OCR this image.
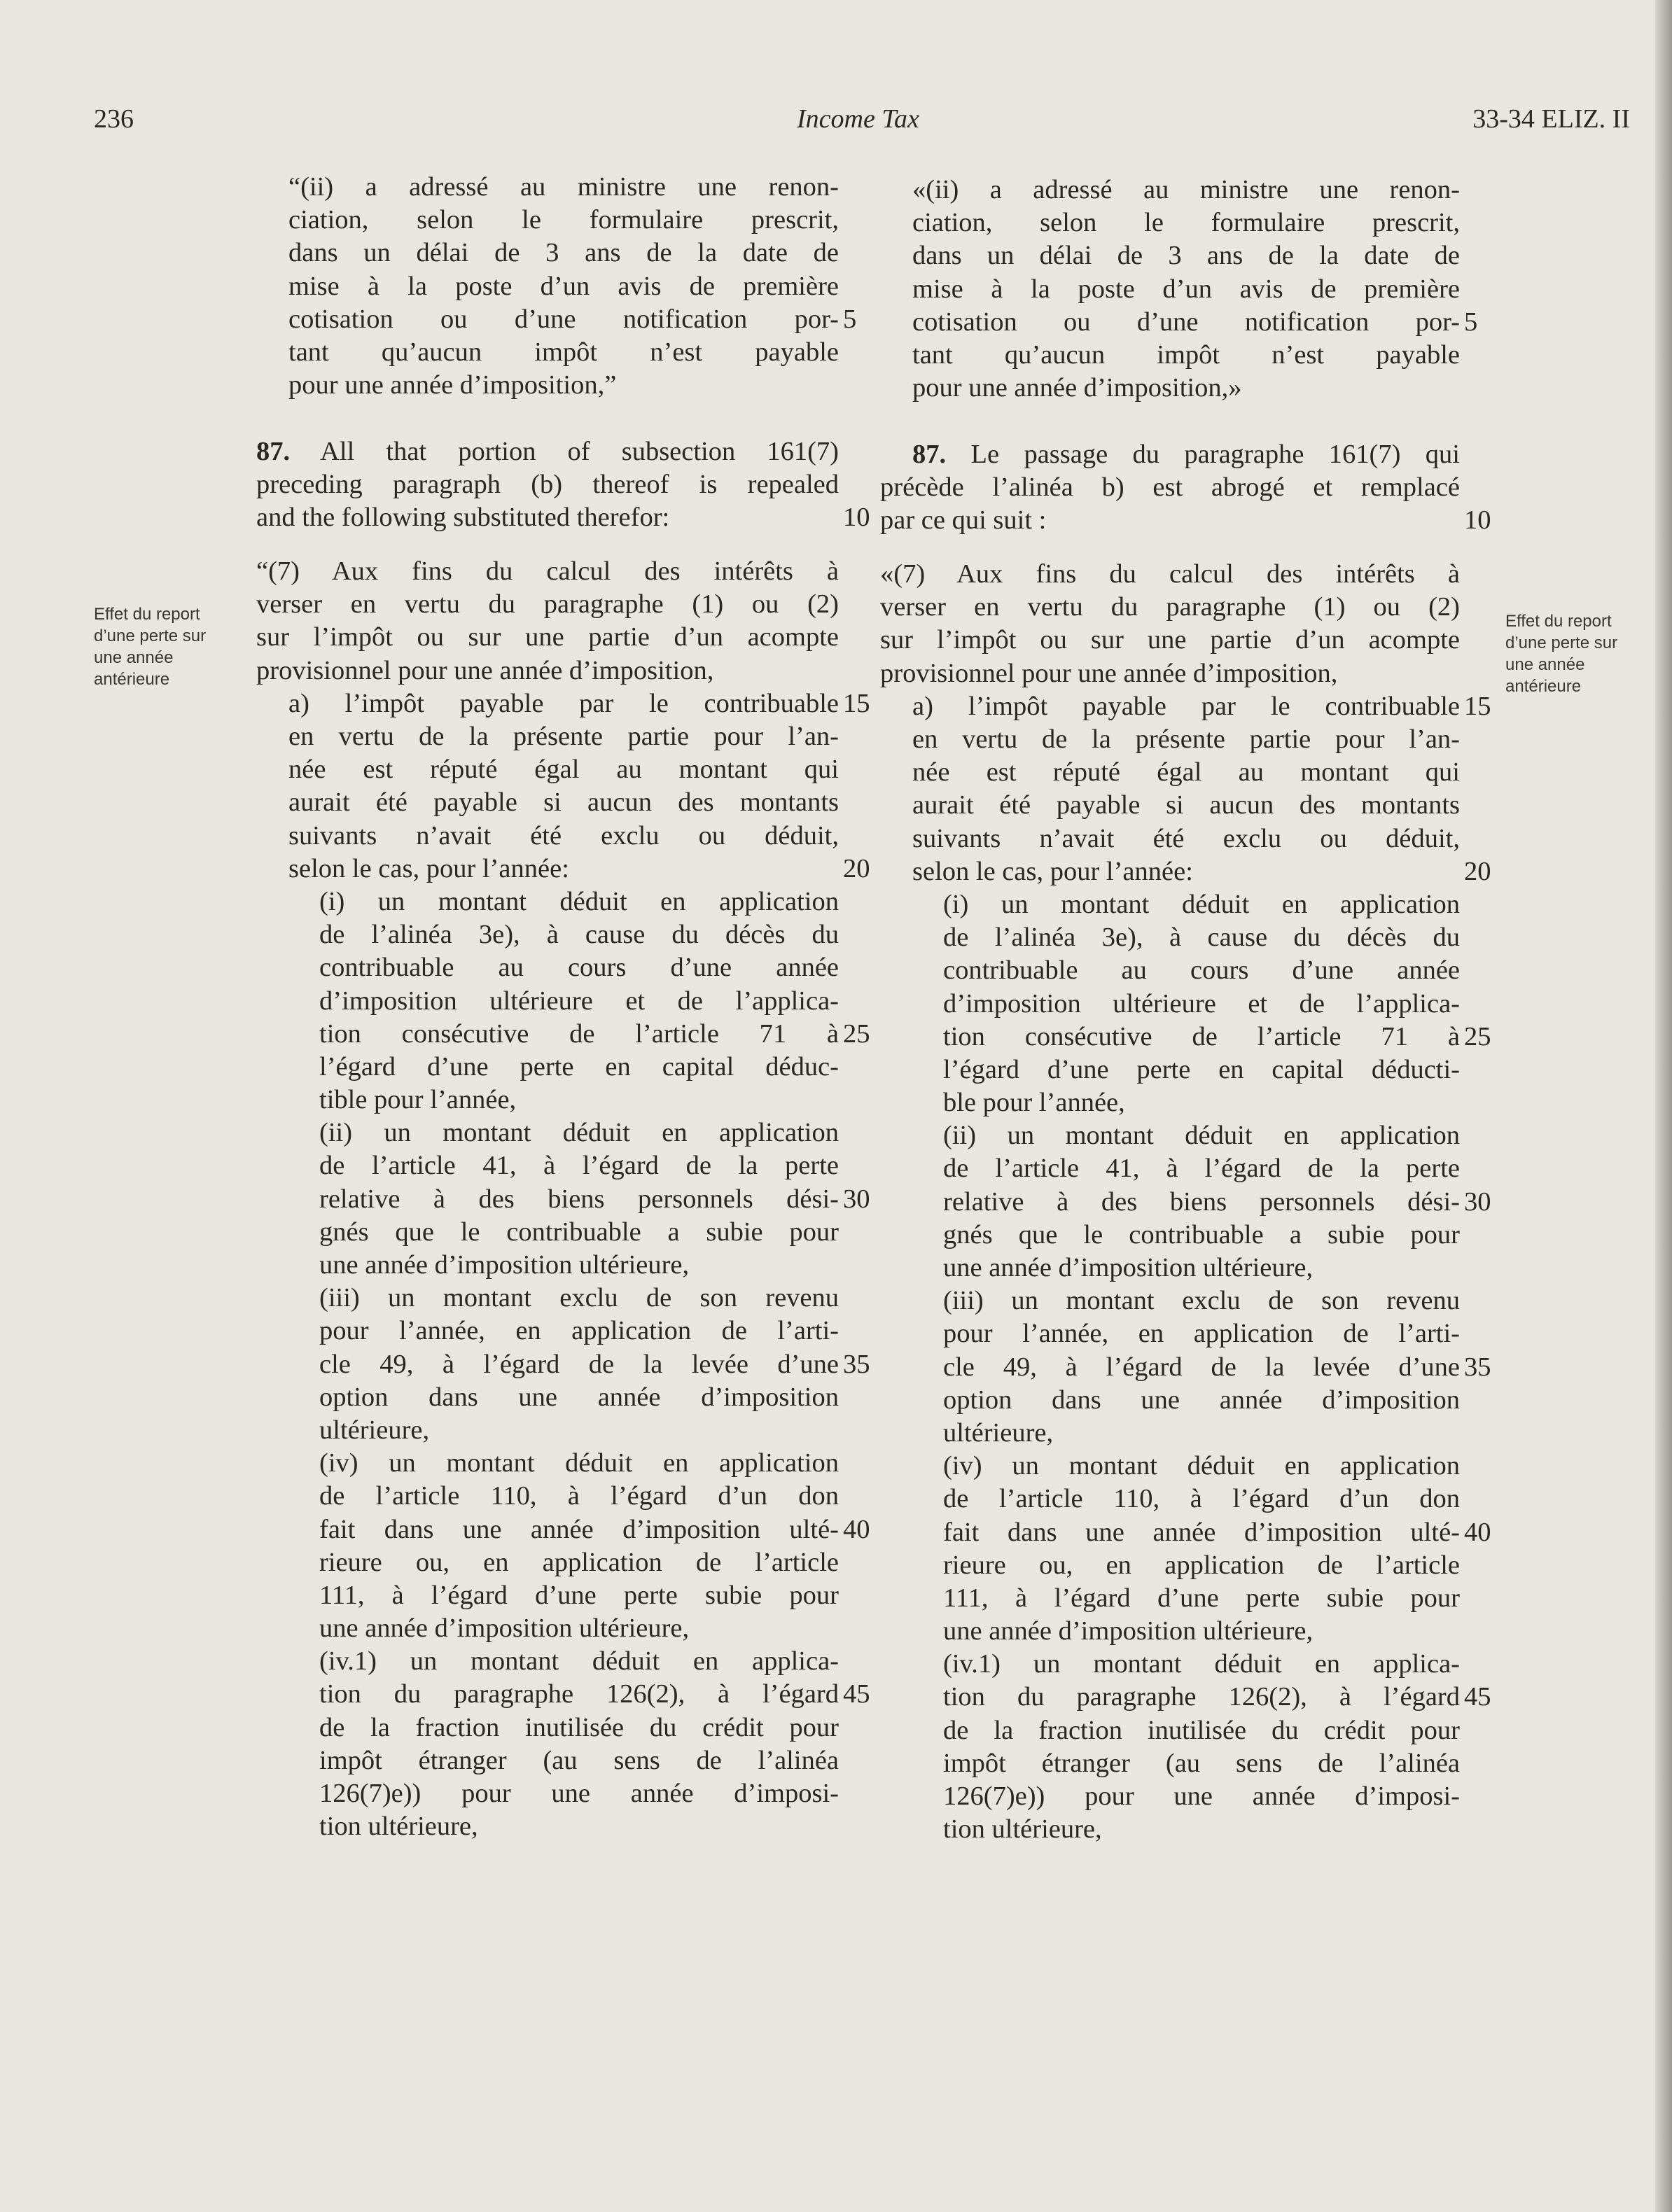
236	Income Tax	33-34 ELIZ. II
Effet du report
d’une perte sur
une année
antérieure
Effet du report
d’une perte sur
une année
antérieure
“(ii) a adressé au ministre une renon-
ciation, selon le formulaire prescrit,
dans un délai de 3 ans de la date de
mise à la poste d’un avis de première
cotisation ou d’une notification por- 5
tant qu’aucun impôt n’est payable
pour une année d’imposition,”
87. All that portion of subsection 161(7)
preceding paragraph (b) thereof is repealed
and the following substituted therefor:	10
“(7) Aux fins du calcul des intérêts à
verser en vertu du paragraphe (1) ou (2)
sur l’impôt ou sur une partie d’un acompte
provisionnel pour une année d’imposition,
a) l’impôt payable par le contribuable 15
en vertu de la présente partie pour l’an-
née est réputé égal au montant qui
aurait été payable si aucun des montants
suivants n’avait été exclu ou déduit,
selon le cas, pour l’année:	20
(i) un montant déduit en application
de l’alinéa 3e), à cause du décès du
contribuable au cours d’une année
d’imposition ultérieure et de l’applica-
tion consécutive de l’article 71 à 25
l’égard d’une perte en capital déduc-
tible pour l’année,
(ii) un montant déduit en application
de l’article 41, à l’égard de la perte
relative à des biens personnels dési- 30
gnés que le contribuable a subie pour
une année d’imposition ultérieure,
(iii) un montant exclu de son revenu
pour l’année, en application de l’arti-
cle 49, à l’égard de la levée d’une 35
option dans une année d’imposition
ultérieure,
(iv) un montant déduit en application
de l’article 110, à l’égard d’un don
fait dans une année d’imposition ulté- 40
rieure ou, en application de l’article
111, à l’égard d’une perte subie pour
une année d’imposition ultérieure,
(iv.1) un montant déduit en applica-
tion du paragraphe 126(2), à l’égard 45
de la fraction inutilisée du crédit pour
impôt étranger (au sens de l’alinéa
126(7)e)) pour une année d’imposi-
tion ultérieure,
«(ii) a adressé au ministre une renon-
ciation, selon le formulaire prescrit,
dans un délai de 3 ans de la date de
mise à la poste d’un avis de première
cotisation ou d’une notification por- 5
tant qu’aucun impôt n’est payable
pour une année d’imposition,»
87. Le passage du paragraphe 161(7) qui
précède l’alinéa b) est abrogé et remplacé
par ce qui suit :	10
«(7) Aux fins du calcul des intérêts à
verser en vertu du paragraphe (1) ou (2)
sur l’impôt ou sur une partie d’un acompte
provisionnel pour une année d’imposition,
a) l’impôt payable par le contribuable 15
en vertu de la présente partie pour l’an-
née est réputé égal au montant qui
aurait été payable si aucun des montants
suivants n’avait été exclu ou déduit,
selon le cas, pour l’année:	20
(i) un montant déduit en application
de l’alinéa 3e), à cause du décès du
contribuable au cours d’une année
d’imposition ultérieure et de l’applica-
tion consécutive de l’article 71 à 25
l’égard d’une perte en capital déducti-
ble pour l’année,
(ii) un montant déduit en application
de l’article 41, à l’égard de la perte
relative à des biens personnels dési- 30
gnés que le contribuable a subie pour
une année d’imposition ultérieure,
(iii) un montant exclu de son revenu
pour l’année, en application de l’arti-
cle 49, à l’égard de la levée d’une 35
option dans une année d’imposition
ultérieure,
(iv) un montant déduit en application
de l’article 110, à l’égard d’un don
fait dans une année d’imposition ulté- 40
rieure ou, en application de l’article
111, à l’égard d’une perte subie pour
une année d’imposition ultérieure,
(iv.1) un montant déduit en applica-
tion du paragraphe 126(2), à l’égard 45
de la fraction inutilisée du crédit pour
impôt étranger (au sens de l’alinéa
126(7)e)) pour une année d’imposi-
tion ultérieure,
